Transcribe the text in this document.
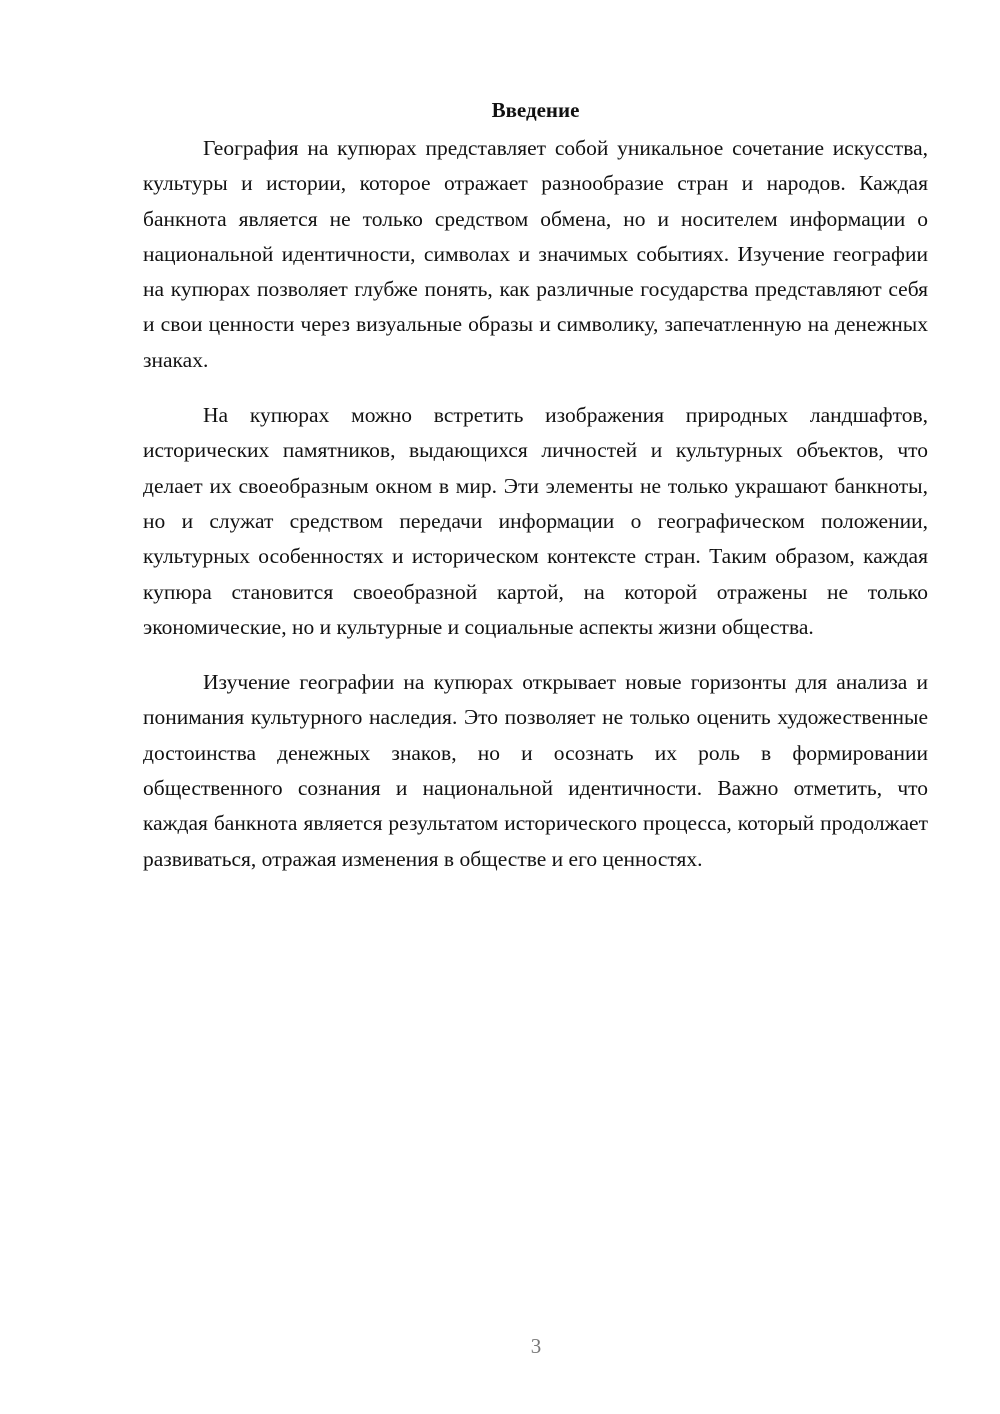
Введение

География на купюрах представляет собой уникальное сочетание искусства, культуры и истории, которое отражает разнообразие стран и народов. Каждая банкнота является не только средством обмена, но и носителем информации о национальной идентичности, символах и значимых событиях. Изучение географии на купюрах позволяет глубже понять, как различные государства представляют себя и свои ценности через визуальные образы и символику, запечатленную на денежных знаках.

На купюрах можно встретить изображения природных ландшафтов, исторических памятников, выдающихся личностей и культурных объектов, что делает их своеобразным окном в мир. Эти элементы не только украшают банкноты, но и служат средством передачи информации о географическом положении, культурных особенностях и историческом контексте стран. Таким образом, каждая купюра становится своеобразной картой, на которой отражены не только экономические, но и культурные и социальные аспекты жизни общества.

Изучение географии на купюрах открывает новые горизонты для анализа и понимания культурного наследия. Это позволяет не только оценить художественные достоинства денежных знаков, но и осознать их роль в формировании общественного сознания и национальной идентичности. Важно отметить, что каждая банкнота является результатом исторического процесса, который продолжает развиваться, отражая изменения в обществе и его ценностях.

3
